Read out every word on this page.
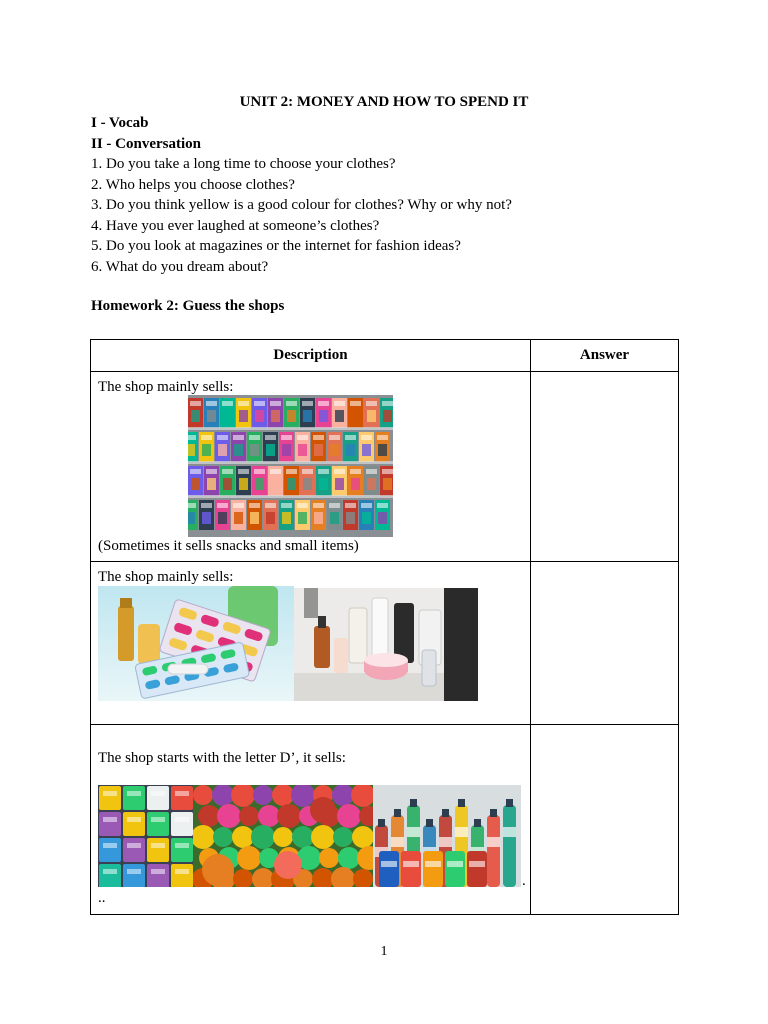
UNIT 2: MONEY AND HOW TO SPEND IT
I - Vocab
II - Conversation
1. Do you take a long time to choose your clothes?
2. Who helps you choose clothes?
3. Do you think yellow is a good colour for clothes? Why or why not?
4. Have you ever laughed at someone’s clothes?
5. Do you look at magazines or the internet for fashion ideas?
6. What do you dream about?
Homework 2: Guess the shops
Description	Answer

The shop mainly sells:
(Sometimes it sells snacks and small items)	

The shop mainly sells:	

The shop starts with the letter D’, it sells:
.
..	

1
